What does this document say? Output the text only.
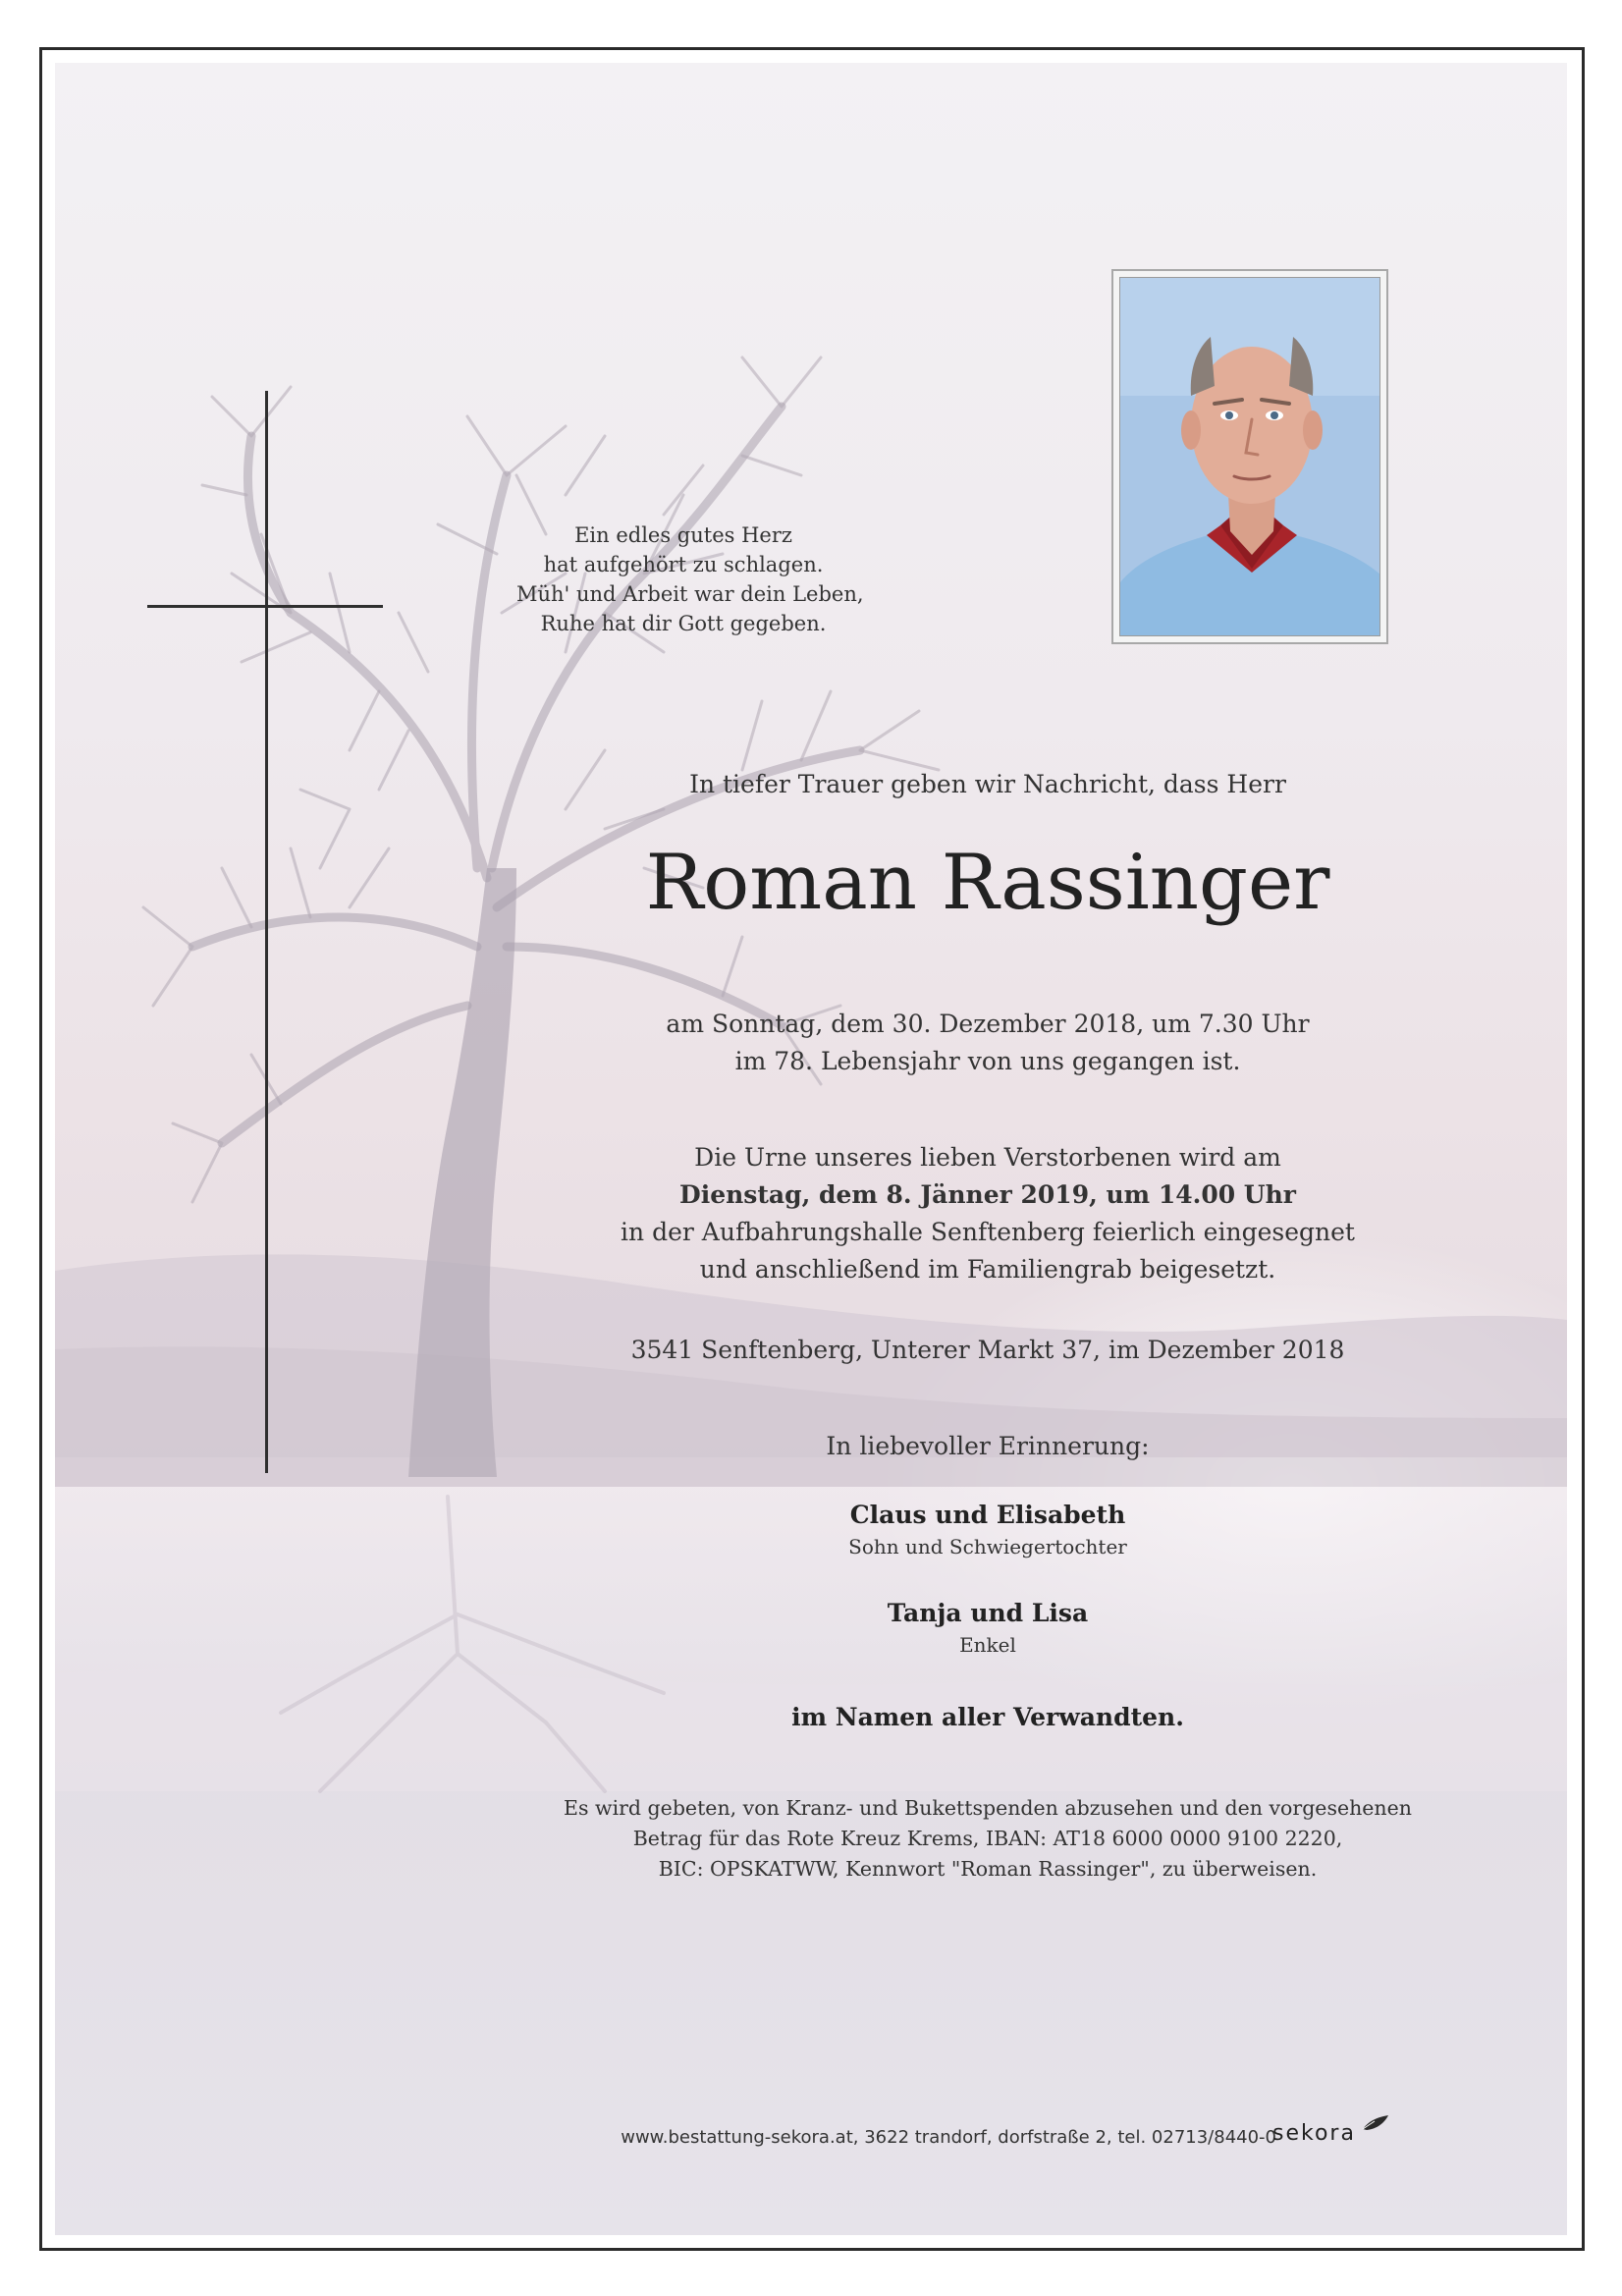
Ein edles gutes Herz
hat aufgehört zu schlagen.
Müh' und Arbeit war dein Leben,
Ruhe hat dir Gott gegeben.
In tiefer Trauer geben wir Nachricht, dass Herr
Roman Rassinger
am Sonntag, dem 30. Dezember 2018, um 7.30 Uhr
im 78. Lebensjahr von uns gegangen ist.
Die Urne unseres lieben Verstorbenen wird am
Dienstag, dem 8. Jänner 2019, um 14.00 Uhr
in der Aufbahrungshalle Senftenberg feierlich eingesegnet
und anschließend im Familiengrab beigesetzt.
3541 Senftenberg, Unterer Markt 37, im Dezember 2018
In liebevoller Erinnerung:
Claus und Elisabeth
Sohn und Schwiegertochter
Tanja und Lisa
Enkel
im Namen aller Verwandten.
Es wird gebeten, von Kranz- und Bukettspenden abzusehen und den vorgesehenen
Betrag für das Rote Kreuz Krems, IBAN: AT18 6000 0000 9100 2220,
BIC: OPSKATWW, Kennwort "Roman Rassinger", zu überweisen.
www.bestattung-sekora.at, 3622 trandorf, dorfstraße 2, tel. 02713/8440-0
sekora
